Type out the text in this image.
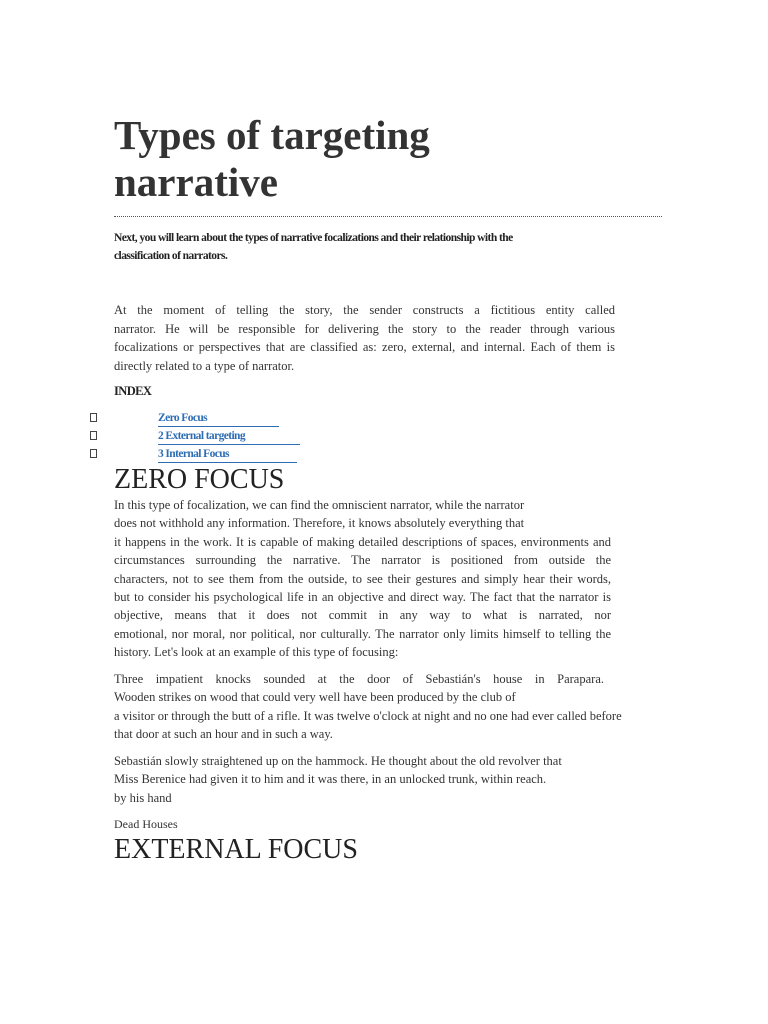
Types of targeting
narrative

Next, you will learn about the types of narrative focalizations and their relationship with the
classification of narrators.

At the moment of telling the story, the sender constructs a fictitious entity called
narrator. He will be responsible for delivering the story to the reader through various
focalizations or perspectives that are classified as: zero, external, and internal. Each of them is
directly related to a type of narrator.

INDEX

Zero Focus
2 External targeting
3 Internal Focus
ZERO FOCUS

In this type of focalization, we can find the omniscient narrator, while the narrator
does not withhold any information. Therefore, it knows absolutely everything that
it happens in the work. It is capable of making detailed descriptions of spaces, environments and
circumstances surrounding the narrative. The narrator is positioned from outside the
characters, not to see them from the outside, to see their gestures and simply hear their words,
but to consider his psychological life in an objective and direct way. The fact that the narrator is
objective, means that it does not commit in any way to what is narrated, nor
emotional, nor moral, nor political, nor culturally. The narrator only limits himself to telling the
history. Let's look at an example of this type of focusing:

Three impatient knocks sounded at the door of Sebastián's house in Parapara.
Wooden strikes on wood that could very well have been produced by the club of
a visitor or through the butt of a rifle. It was twelve o'clock at night and no one had ever called before
that door at such an hour and in such a way.

Sebastián slowly straightened up on the hammock. He thought about the old revolver that
Miss Berenice had given it to him and it was there, in an unlocked trunk, within reach.
by his hand

Dead Houses

EXTERNAL FOCUS
